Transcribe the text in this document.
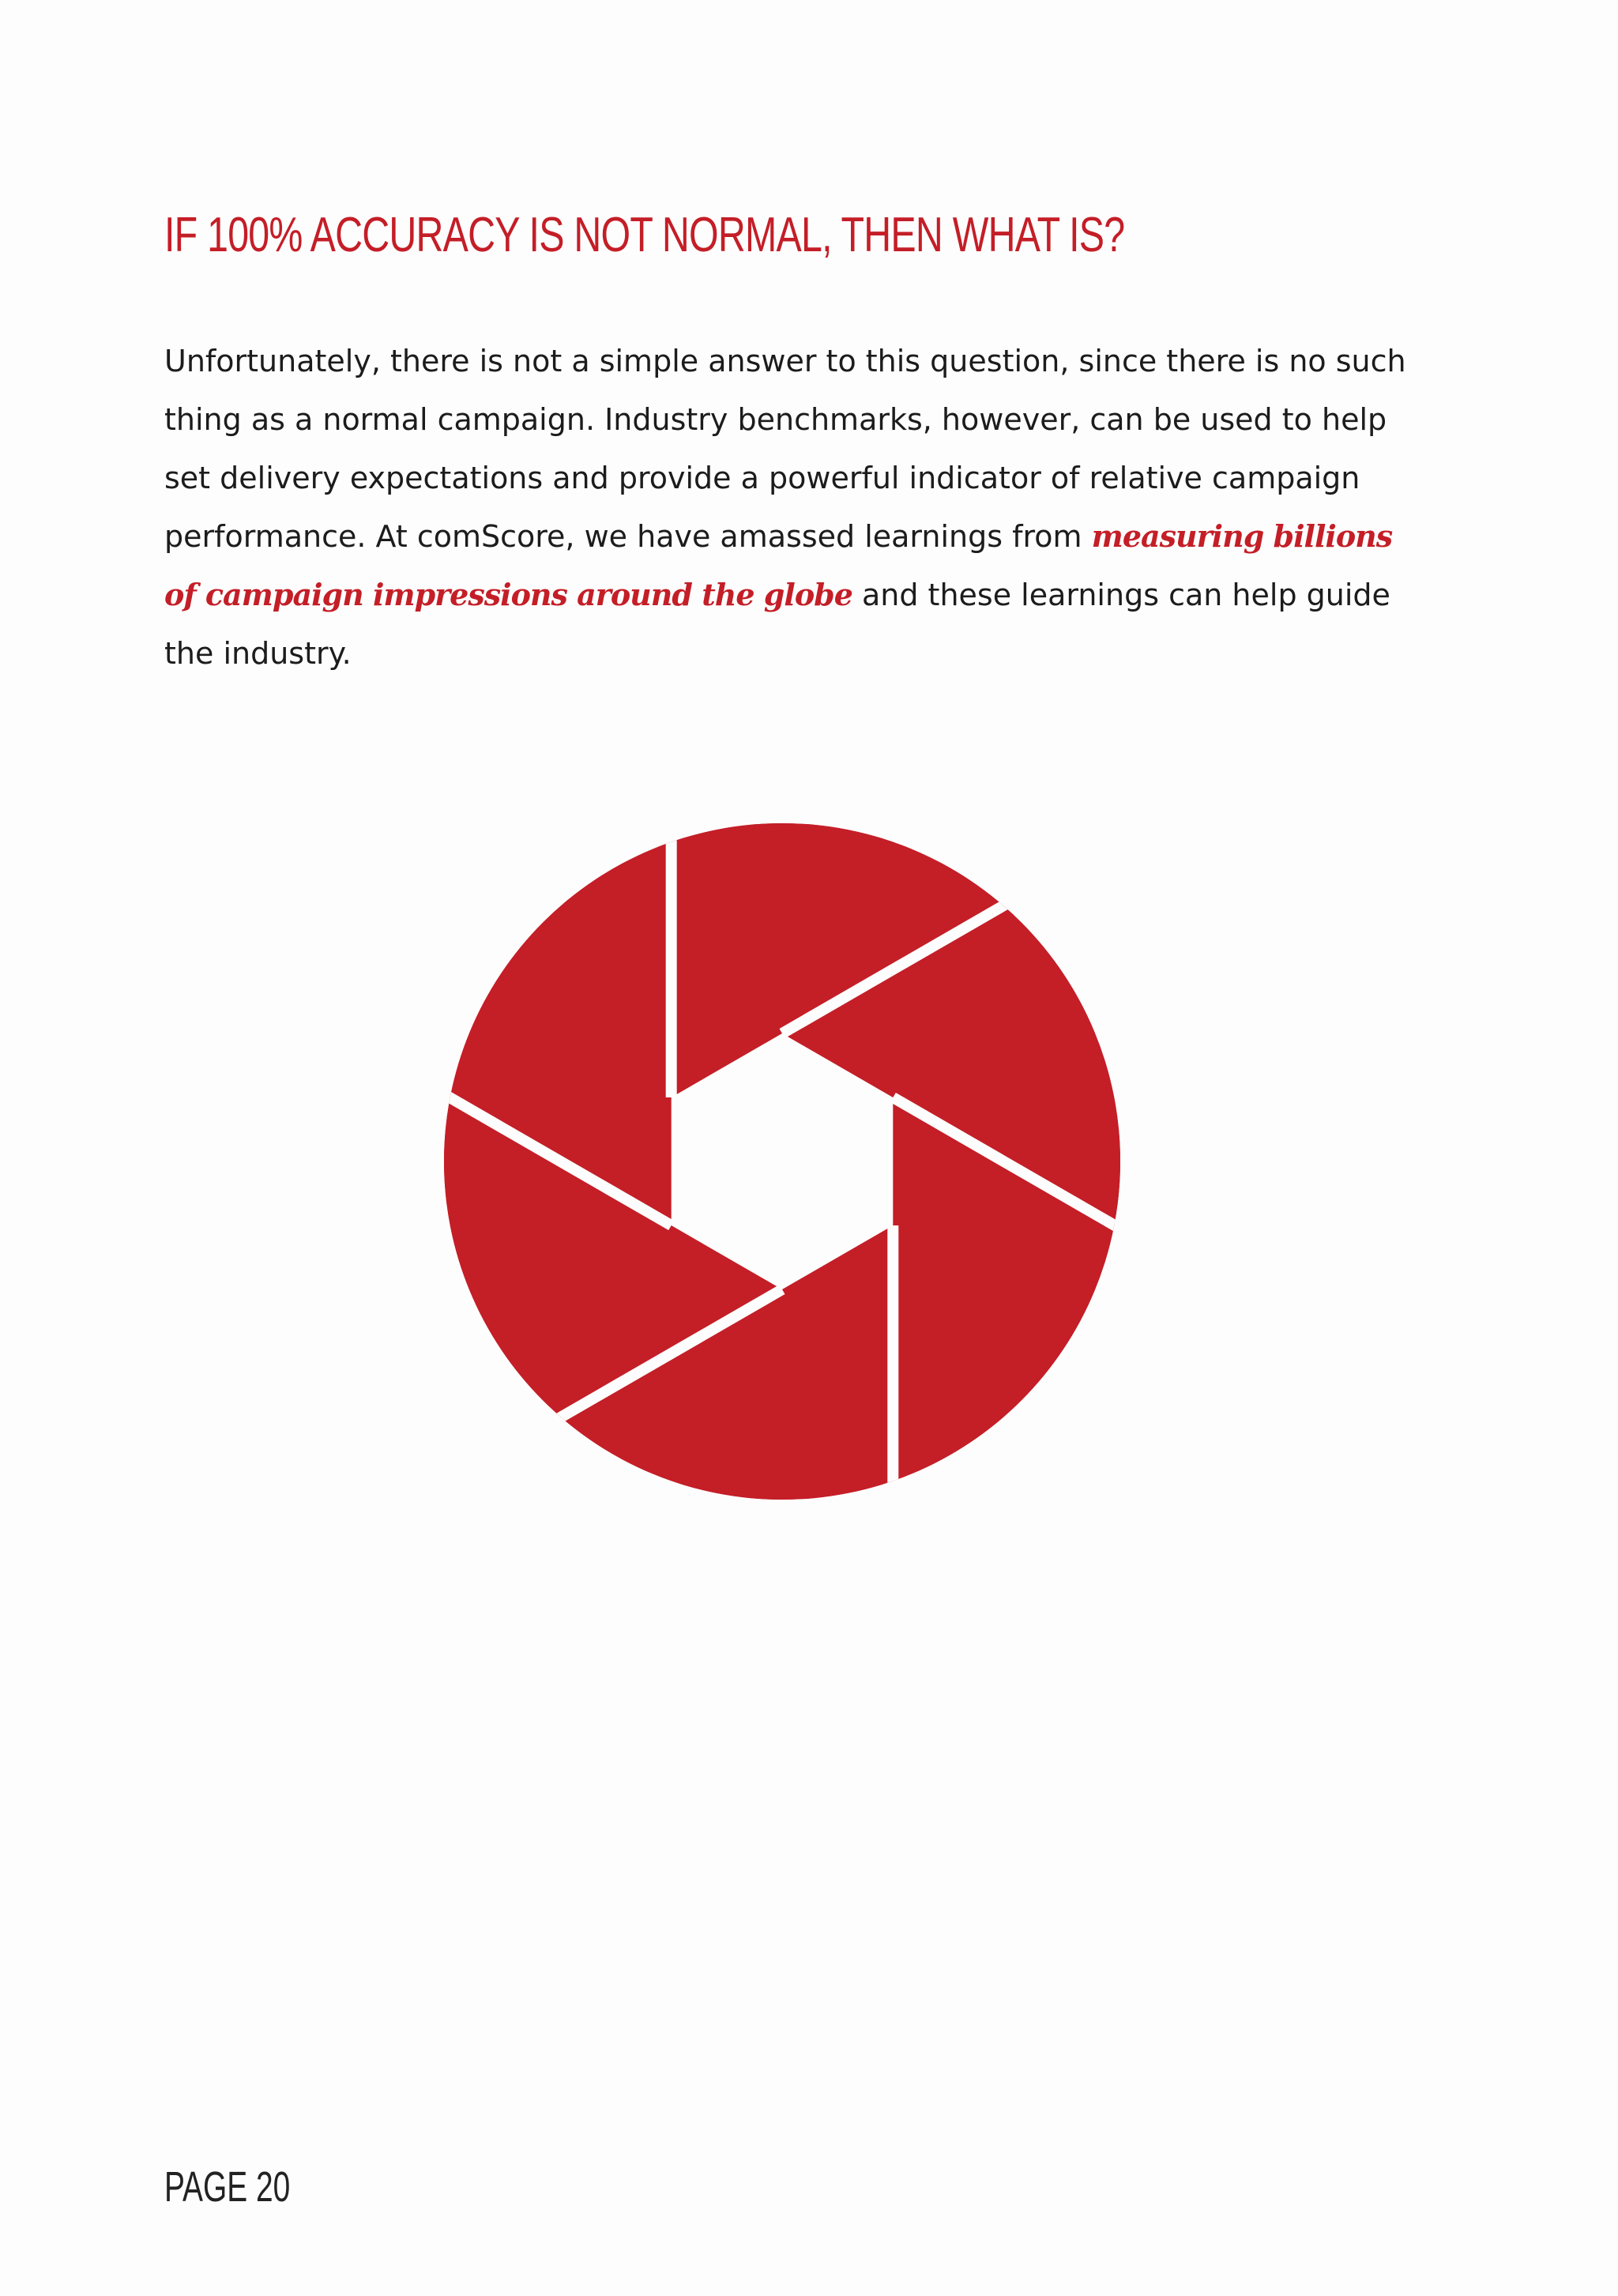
IF 100% ACCURACY IS NOT NORMAL, THEN WHAT IS?

Unfortunately, there is not a simple answer to this question, since there is no such
thing as a normal campaign. Industry benchmarks, however, can be used to help
set delivery expectations and provide a powerful indicator of relative campaign
performance. At comScore, we have amassed learnings from measuring billions
of campaign impressions around the globe and these learnings can help guide
the industry.

PAGE 20
